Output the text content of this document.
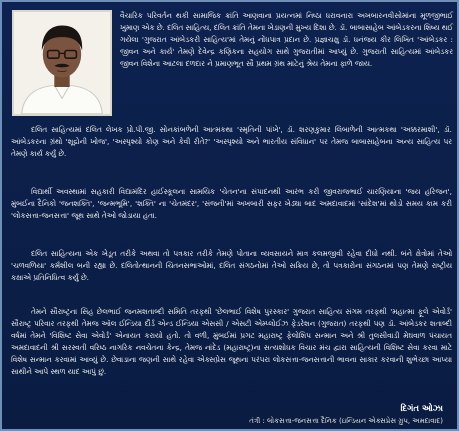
વૈચારિક પરિવર્તન થકી સામાજિક ક્રાંતિ આણવાના પ્રયત્નમાં નિષ્ઠા ધરાવનારા અખબારનવીસોમાંના મૂળજીભાઈ ખુમાણ એક છે. દલિત સાહિત્ય, દલિત ક્રાંતિ તેમના ખેડાણની મુખ્ય દિશા છે. ડૉ. બાબાસાહેબ આંબેડકરના શિષ્ય થઈ ગયેલા 'ગુજરાત આંબેડકરી સાહિત્ય'માં તેમનું નોંધપાત્ર પ્રદાન છે. પ્રજ્ઞાચક્ષુ ડૉ. ધનંજય કીર લિખિત 'આંબેડકર : જીવન અને કાર્ય' તેમણે દેવેન્દ્ર કણિકના સહયોગ સાથે ગુજરાતીમાં આપ્યું છે. ગુજરાતી સાહિત્યમાં આંબેડકર જીવન વિશેના આટલા દળદાર ને પ્રમાણભૂત સૌ પ્રથમ ગ્રંથ માટેનું શ્રેય તેમના ફાળે જાય.

દલિત સાહિત્યમાં દલિત લેખક પ્રો.પી.જી. સોનકાંબળેની આત્મકથા 'સ્મૃતિની પાંખે', ડૉ. શરણકુમાર લિંબાળેની આત્મકથા 'અક્કરમાશી', ડૉ. આંબેડકરના ગ્રંથો 'શૂદ્રોની ખોજ', 'અસ્પૃશ્યો કોણ અને કેવી રીતે?' 'અસ્પૃશ્યો અને ભારતીય સંવિધાન' પર તેમજ બાબાસાહેબના અન્ય સાહિત્ય પર તેમણે કાર્ય કર્યું છે.

વિદ્યાર્થી અવસ્થામાં સહકારી વિદ્યામંદિર હાઈસ્કૂલના સામયિક 'ચેતન'ના સંપાદનથી આરંભ કરી જીવરાજભાઈ ચારણિયાના 'જય હરિજન', મુંબઈના દૈનિકો 'જનશક્તિ', 'જન્મભૂમિ', 'શક્તિ' ના 'ચેતમંદર', 'સંજની'માં અખબારી સફર ખેડ્યા બાદ અમદાવાદમાં 'સાંદેશ'માં થોડો સમય કામ કરી 'લોકસત્તા-જનસત્તા' જૂથ સાથે તેઓ જોડાયા હતા.

દલિત સાહિત્યના એક ખેડૂત તરીકે અથવા તો પત્રકાર તરીકે તેમણે પોતાના વ્યવસાયને માત્ર કલમજીવી રહેવા દીધો નથી. બંને ક્ષેત્રોમાં તેઓ 'ચળવળિયા' કર્મશીલ બની રહ્યા છે. દલિતોત્થાનની ચિંતનસભાઓમાં, દલિત સંગઠનોમાં તેઓ સક્રિય છે, તો પત્રકારોના સંગઠનમાં પણ તેમણે રાષ્ટ્રીય કક્ષાએ પ્રતિનિધિત્વ કર્યું છે.

તેમને સૌરાષ્ટ્રના સિંહ છેલભાઈ જનમશતાબ્દી સમિતિ તરફથી 'છેલભાઈ વિશેષ પુરસ્કાર' ગુજરાત સાહિત્ય સંગમ તરફથી 'મહાત્મા ફૂલે એવોર્ડ' સૌરાષ્ટ્ર પરિવાર તરફથી તેમજ ઑલ ઈન્ડિયા દૌર્ડ એન્ડ ઈન્ડિયા એસસી / એસટી એમ્પ્લોઈઝ ફેડરેશન (ગુજરાત) તરફથી પણ ડૉ. આંબેડકર શતાબ્દી વર્ષમાં તેમને 'વિશિષ્ટ સેવા એવોર્ડ' એનાયત કરાયો હતો. તો વળી, મુંબઈમાં પ્રગટ મહારાષ્ટ્ર ફેલોશિપ સન્માન અને શ્રી તુલસીવાડી મેઘવાળ પંચાયત અમદાવાદની શ્રી સરસ્વતી વરિષ્ઠ નાગરિક નવચેતના કેન્દ્ર, તેમજ નાંદેડ (મહારાષ્ટ્ર)ના સત્યશોધક વિચાર મંચ દ્વારા સાહિત્યની વિશિષ્ટ સેવા કરવા માટે વિશેષ સન્માન કરવામાં આવ્યું છે. છેવાડાના જણની સાથે રહેવા એક્સપ્રેસ જૂથના પરંપરા લોકસત્તા-જનસત્તાની ભાવના સાકાર કરવાની શુભેચ્છા આપ્યા સાથીને આપે સ્થળ યાદ આપું છું.

દિગંત ઓઝા

તંત્રી : લોકસત્તા-જનસત્તા દૈનિક (ઇન્ડિયન એક્સપ્રેસ ગ્રુપ, અમદાવાદ)
